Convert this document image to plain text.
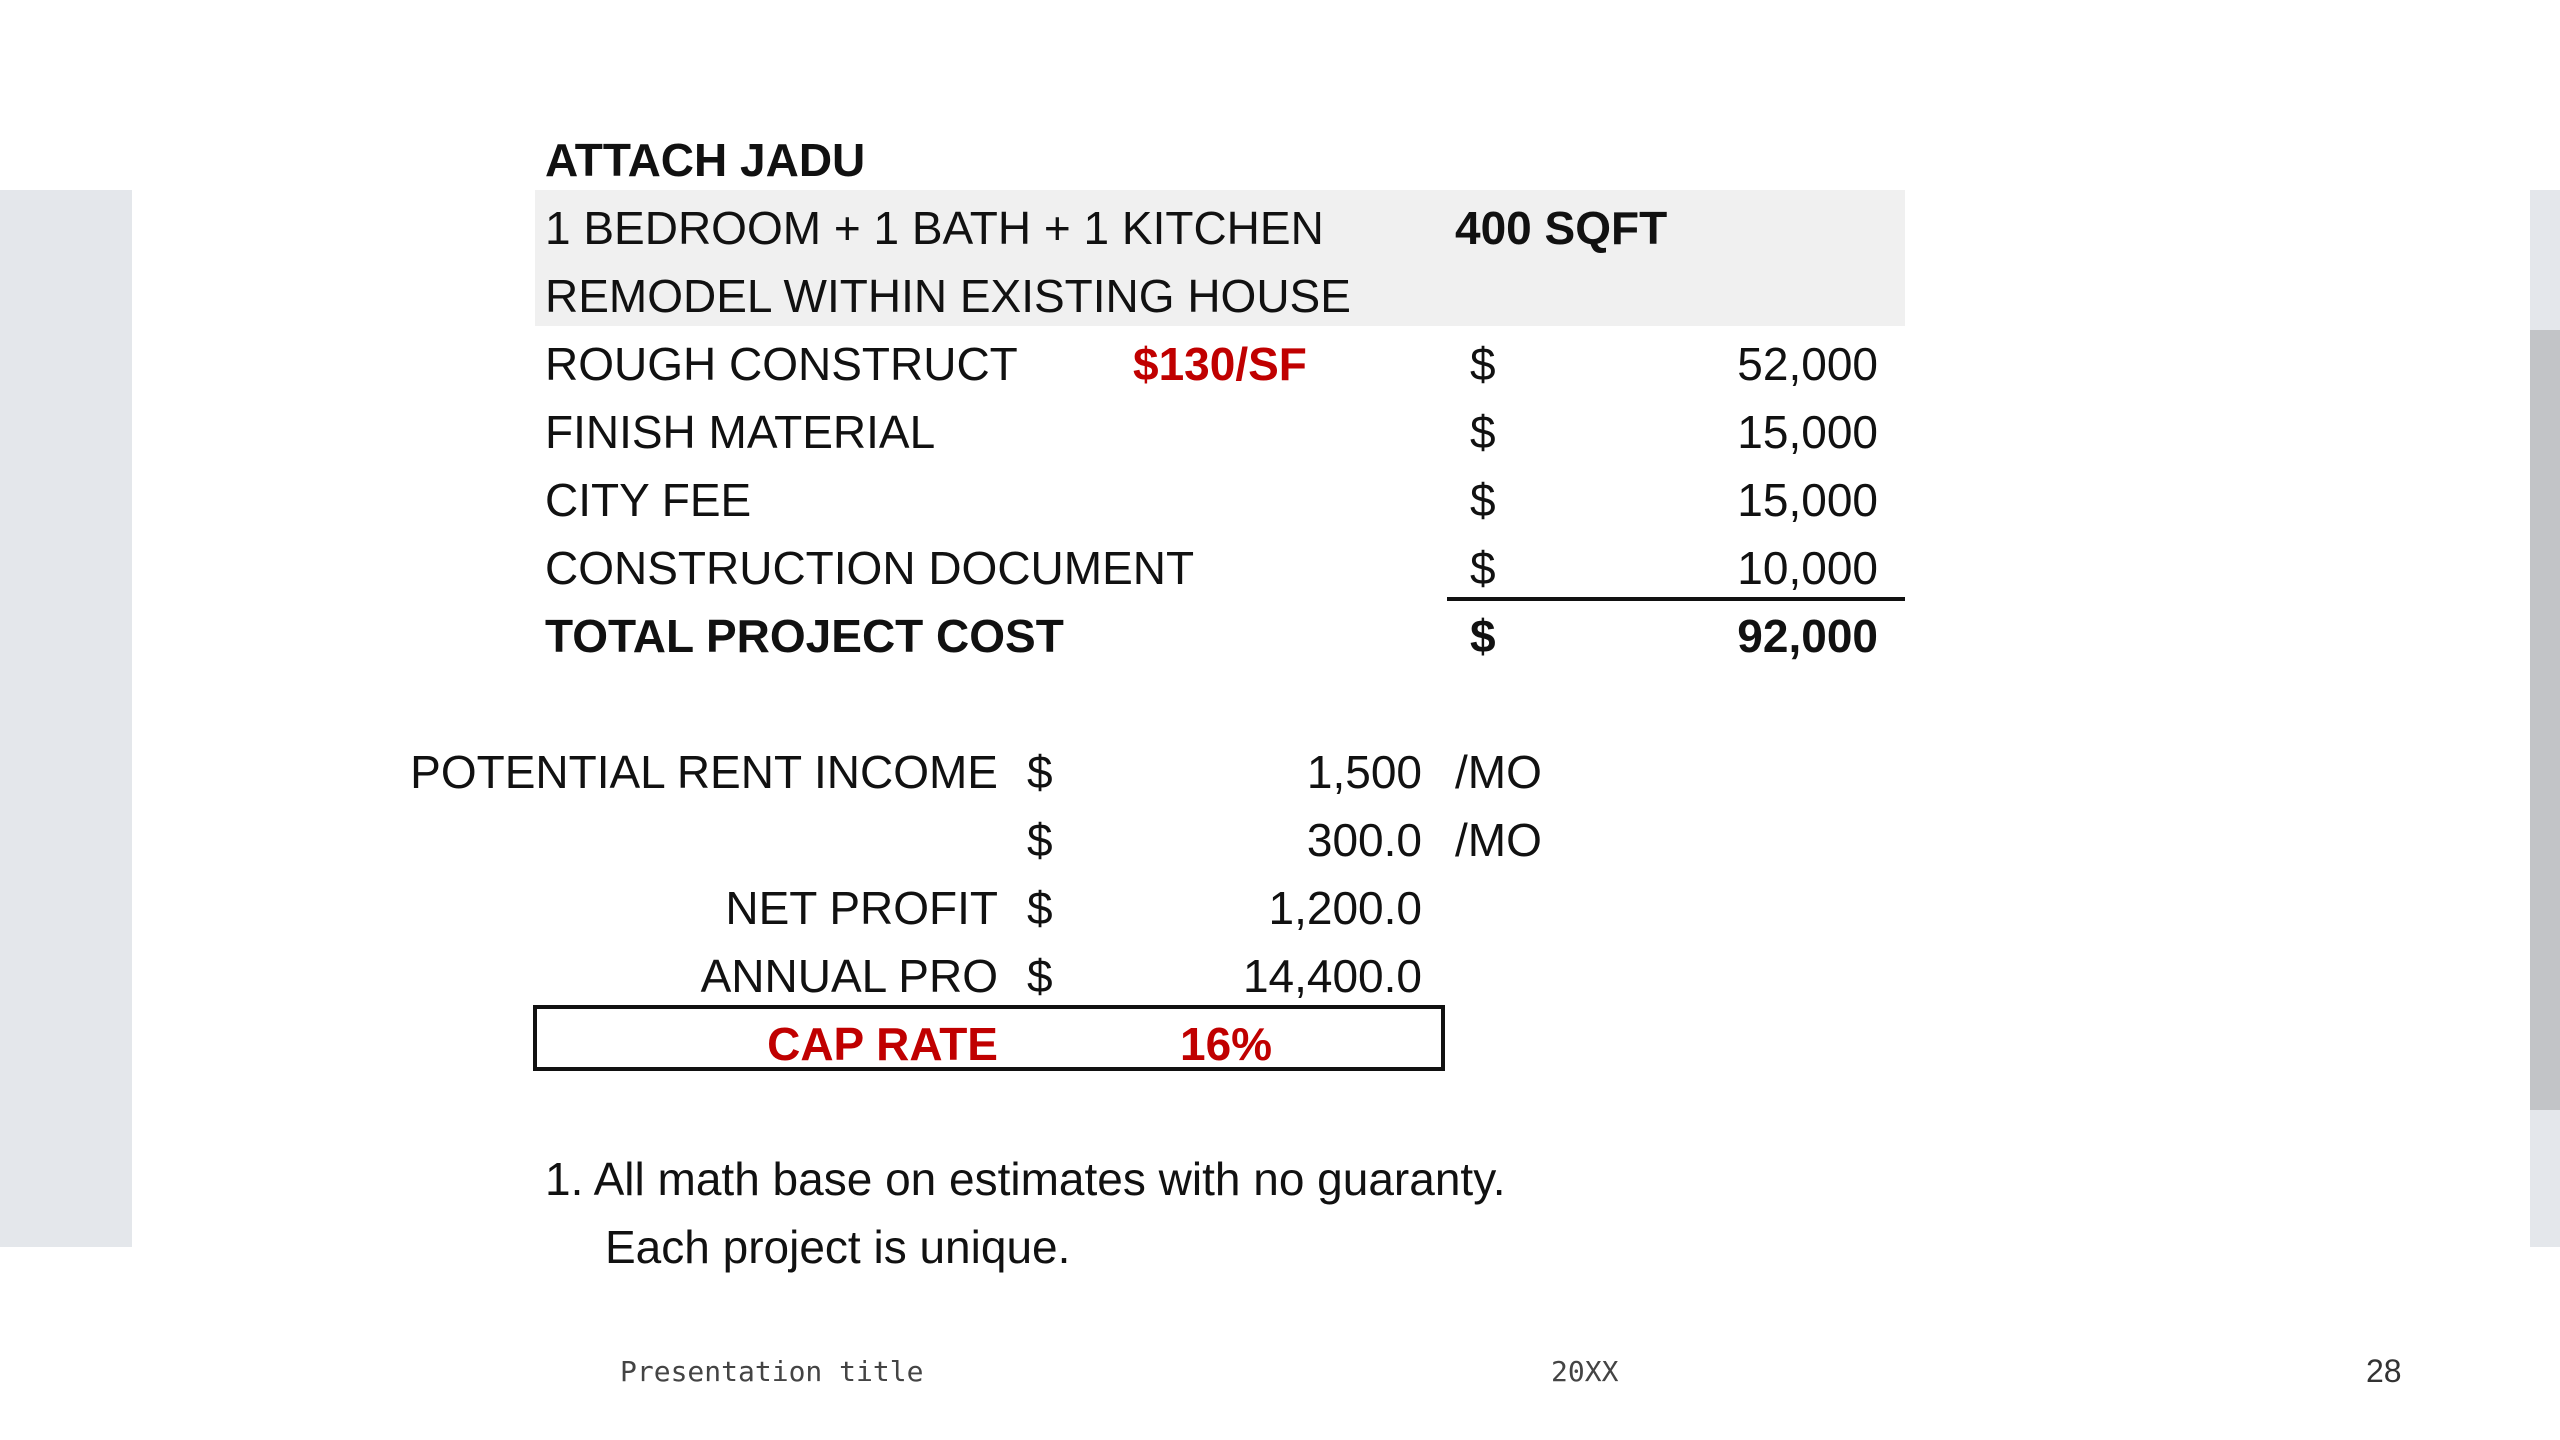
ATTACH JADU
1 BEDROOM + 1 BATH + 1 KITCHEN	400 SQFT
REMODEL WITHIN EXISTING HOUSE
ROUGH CONSTRUCT	$130/SF	$	52,000
FINISH MATERIAL	$	15,000
CITY FEE	$	15,000
CONSTRUCTION DOCUMENT	$	10,000
TOTAL PROJECT COST	$	92,000
POTENTIAL RENT INCOME $	1,500 /MO
$	300.0 /MO
NET PROFIT $	1,200.0
ANNUAL PRO $	14,400.0
CAP RATE	16%
1. All math base on estimates with no guaranty.
Each project is unique.
Presentation title	20XX	28
